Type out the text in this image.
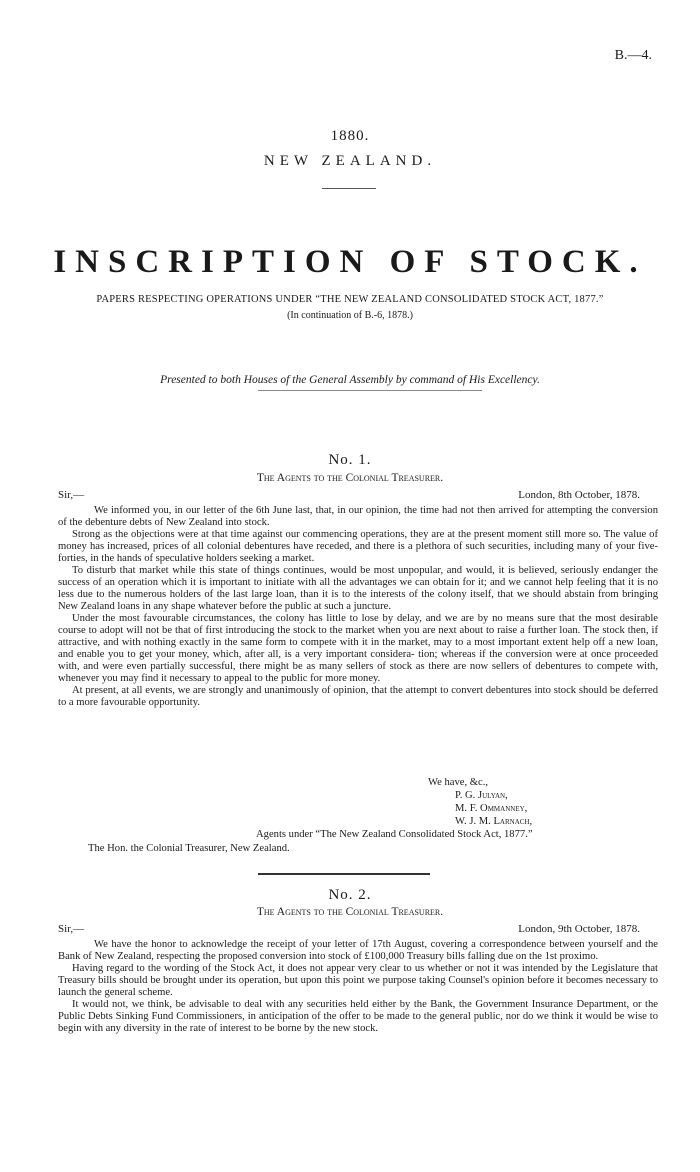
B.—4.
1880.
NEW ZEALAND.
INSCRIPTION OF STOCK.
PAPERS RESPECTING OPERATIONS UNDER “THE NEW ZEALAND CONSOLIDATED STOCK ACT, 1877.”
(In continuation of B.-6, 1878.)
Presented to both Houses of the General Assembly by command of His Excellency.
No. 1.
The Agents to the Colonial Treasurer.
Sir,—	London, 8th October, 1878.

We informed you, in our letter of the 6th June last, that, in our opinion, the time had not then arrived for attempting the conversion of the debenture debts of New Zealand into stock.

Strong as the objections were at that time against our commencing operations, they are at the present moment still more so. The value of money has increased, prices of all colonial debentures have receded, and there is a plethora of such securities, including many of your five-forties, in the hands of speculative holders seeking a market.

To disturb that market while this state of things continues, would be most unpopular, and would, it is believed, seriously endanger the success of an operation which it is important to initiate with all the advantages we can obtain for it; and we cannot help feeling that it is no less due to the numerous holders of the last large loan, than it is to the interests of the colony itself, that we should abstain from bringing New Zealand loans in any shape whatever before the public at such a juncture.

Under the most favourable circumstances, the colony has little to lose by delay, and we are by no means sure that the most desirable course to adopt will not be that of first introducing the stock to the market when you are next about to raise a further loan. The stock then, if attractive, and with nothing exactly in the same form to compete with it in the market, may to a most important extent help off a new loan, and enable you to get your money, which, after all, is a very important considera- tion; whereas if the conversion were at once proceeded with, and were even partially successful, there might be as many sellers of stock as there are now sellers of debentures to compete with, whenever you may find it necessary to appeal to the public for more money.

At present, at all events, we are strongly and unanimously of opinion, that the attempt to convert debentures into stock should be deferred to a more favourable opportunity.

We have, &c.,
P. G. Julyan,
M. F. Ommanney,
W. J. M. Larnach,
Agents under “The New Zealand Consolidated Stock Act, 1877.”
The Hon. the Colonial Treasurer, New Zealand.
No. 2.
The Agents to the Colonial Treasurer.
Sir,—	London, 9th October, 1878.

We have the honor to acknowledge the receipt of your letter of 17th August, covering a correspondence between yourself and the Bank of New Zealand, respecting the proposed conversion into stock of £100,000 Treasury bills falling due on the 1st proximo.

Having regard to the wording of the Stock Act, it does not appear very clear to us whether or not it was intended by the Legislature that Treasury bills should be brought under its operation, but upon this point we purpose taking Counsel's opinion before it becomes necessary to launch the general scheme.

It would not, we think, be advisable to deal with any securities held either by the Bank, the Government Insurance Department, or the Public Debts Sinking Fund Commissioners, in anticipation of the offer to be made to the general public, nor do we think it would be wise to begin with any diversity in the rate of interest to be borne by the new stock.
